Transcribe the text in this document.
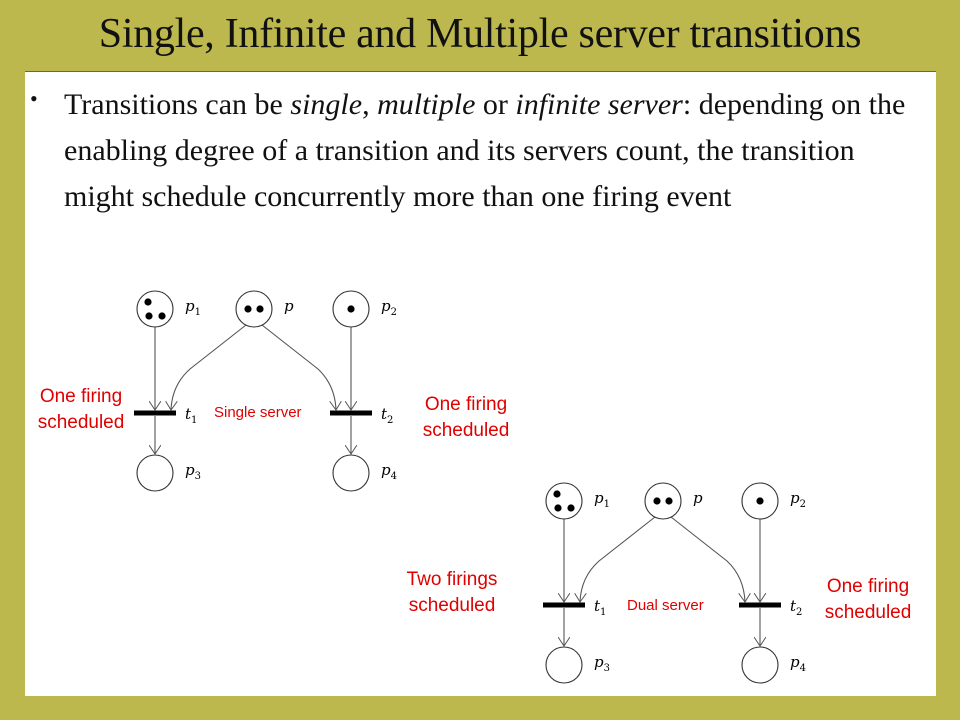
Single, Infinite and Multiple server transitions
• Transitions can be single, multiple or infinite server: depending on the enabling degree of a transition and its servers count, the transition might schedule concurrently more than one firing event

$t_1$	$t_2$
$p_1$	p	$p_2$
$p_3$	$p_4$
$t_1$	$t_2$
$p_1$	p	$p_2$
$p_3$	$p_4$
Single server
Dual server

One firing scheduled

One firing scheduled

Two firings scheduled

One firing scheduled
